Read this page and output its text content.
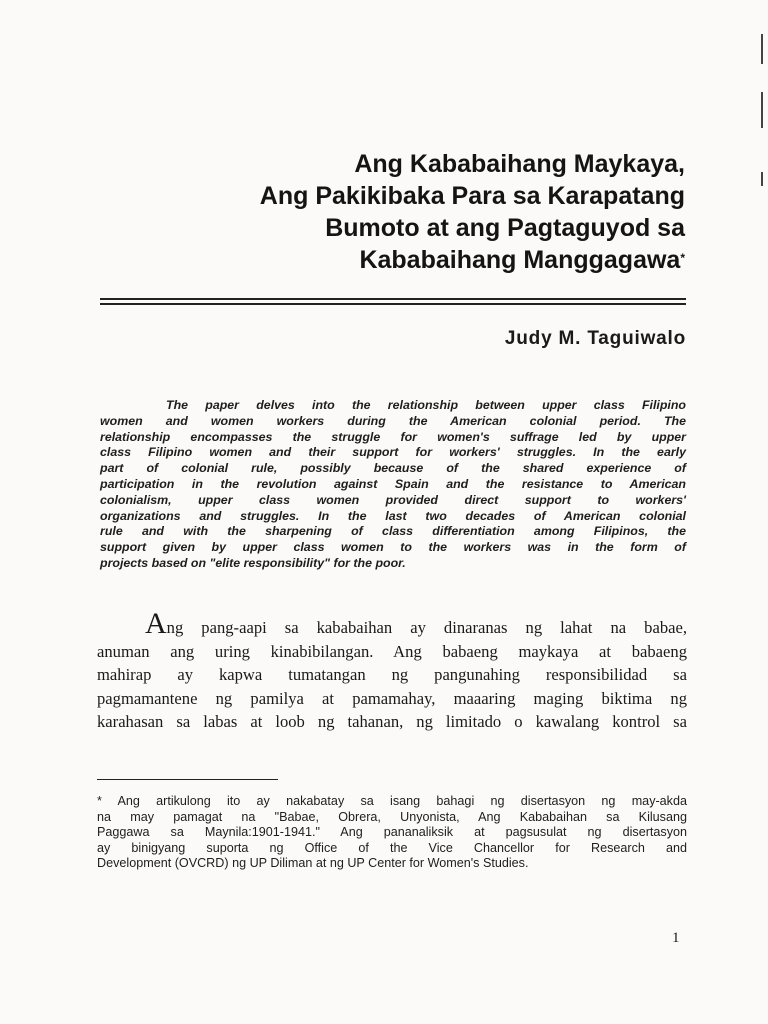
Ang Kababaihang Maykaya,
Ang Pakikibaka Para sa Karapatang
Bumoto at ang Pagtaguyod sa
Kababaihang Manggagawa*
Judy M. Taguiwalo
The paper delves into the relationship between upper class Filipino
women and women workers during the American colonial period. The
relationship encompasses the struggle for women's suffrage led by upper
class Filipino women and their support for workers' struggles. In the early
part of colonial rule, possibly because of the shared experience of
participation in the revolution against Spain and the resistance to American
colonialism, upper class women provided direct support to workers'
organizations and struggles. In the last two decades of American colonial
rule and with the sharpening of class differentiation among Filipinos, the
support given by upper class women to the workers was in the form of
projects based on "elite responsibility" for the poor.
Ang pang-aapi sa kababaihan ay dinaranas ng lahat na babae,
anuman ang uring kinabibilangan. Ang babaeng maykaya at babaeng
mahirap ay kapwa tumatangan ng pangunahing responsibilidad sa
pagmamantene ng pamilya at pamamahay, maaaring maging biktima ng
karahasan sa labas at loob ng tahanan, ng limitado o kawalang kontrol sa
* Ang artikulong ito ay nakabatay sa isang bahagi ng disertasyon ng may-akda
na may pamagat na "Babae, Obrera, Unyonista, Ang Kababaihan sa Kilusang
Paggawa sa Maynila:1901-1941." Ang pananaliksik at pagsusulat ng disertasyon
ay binigyang suporta ng Office of the Vice Chancellor for Research and
Development (OVCRD) ng UP Diliman at ng UP Center for Women's Studies.
1
